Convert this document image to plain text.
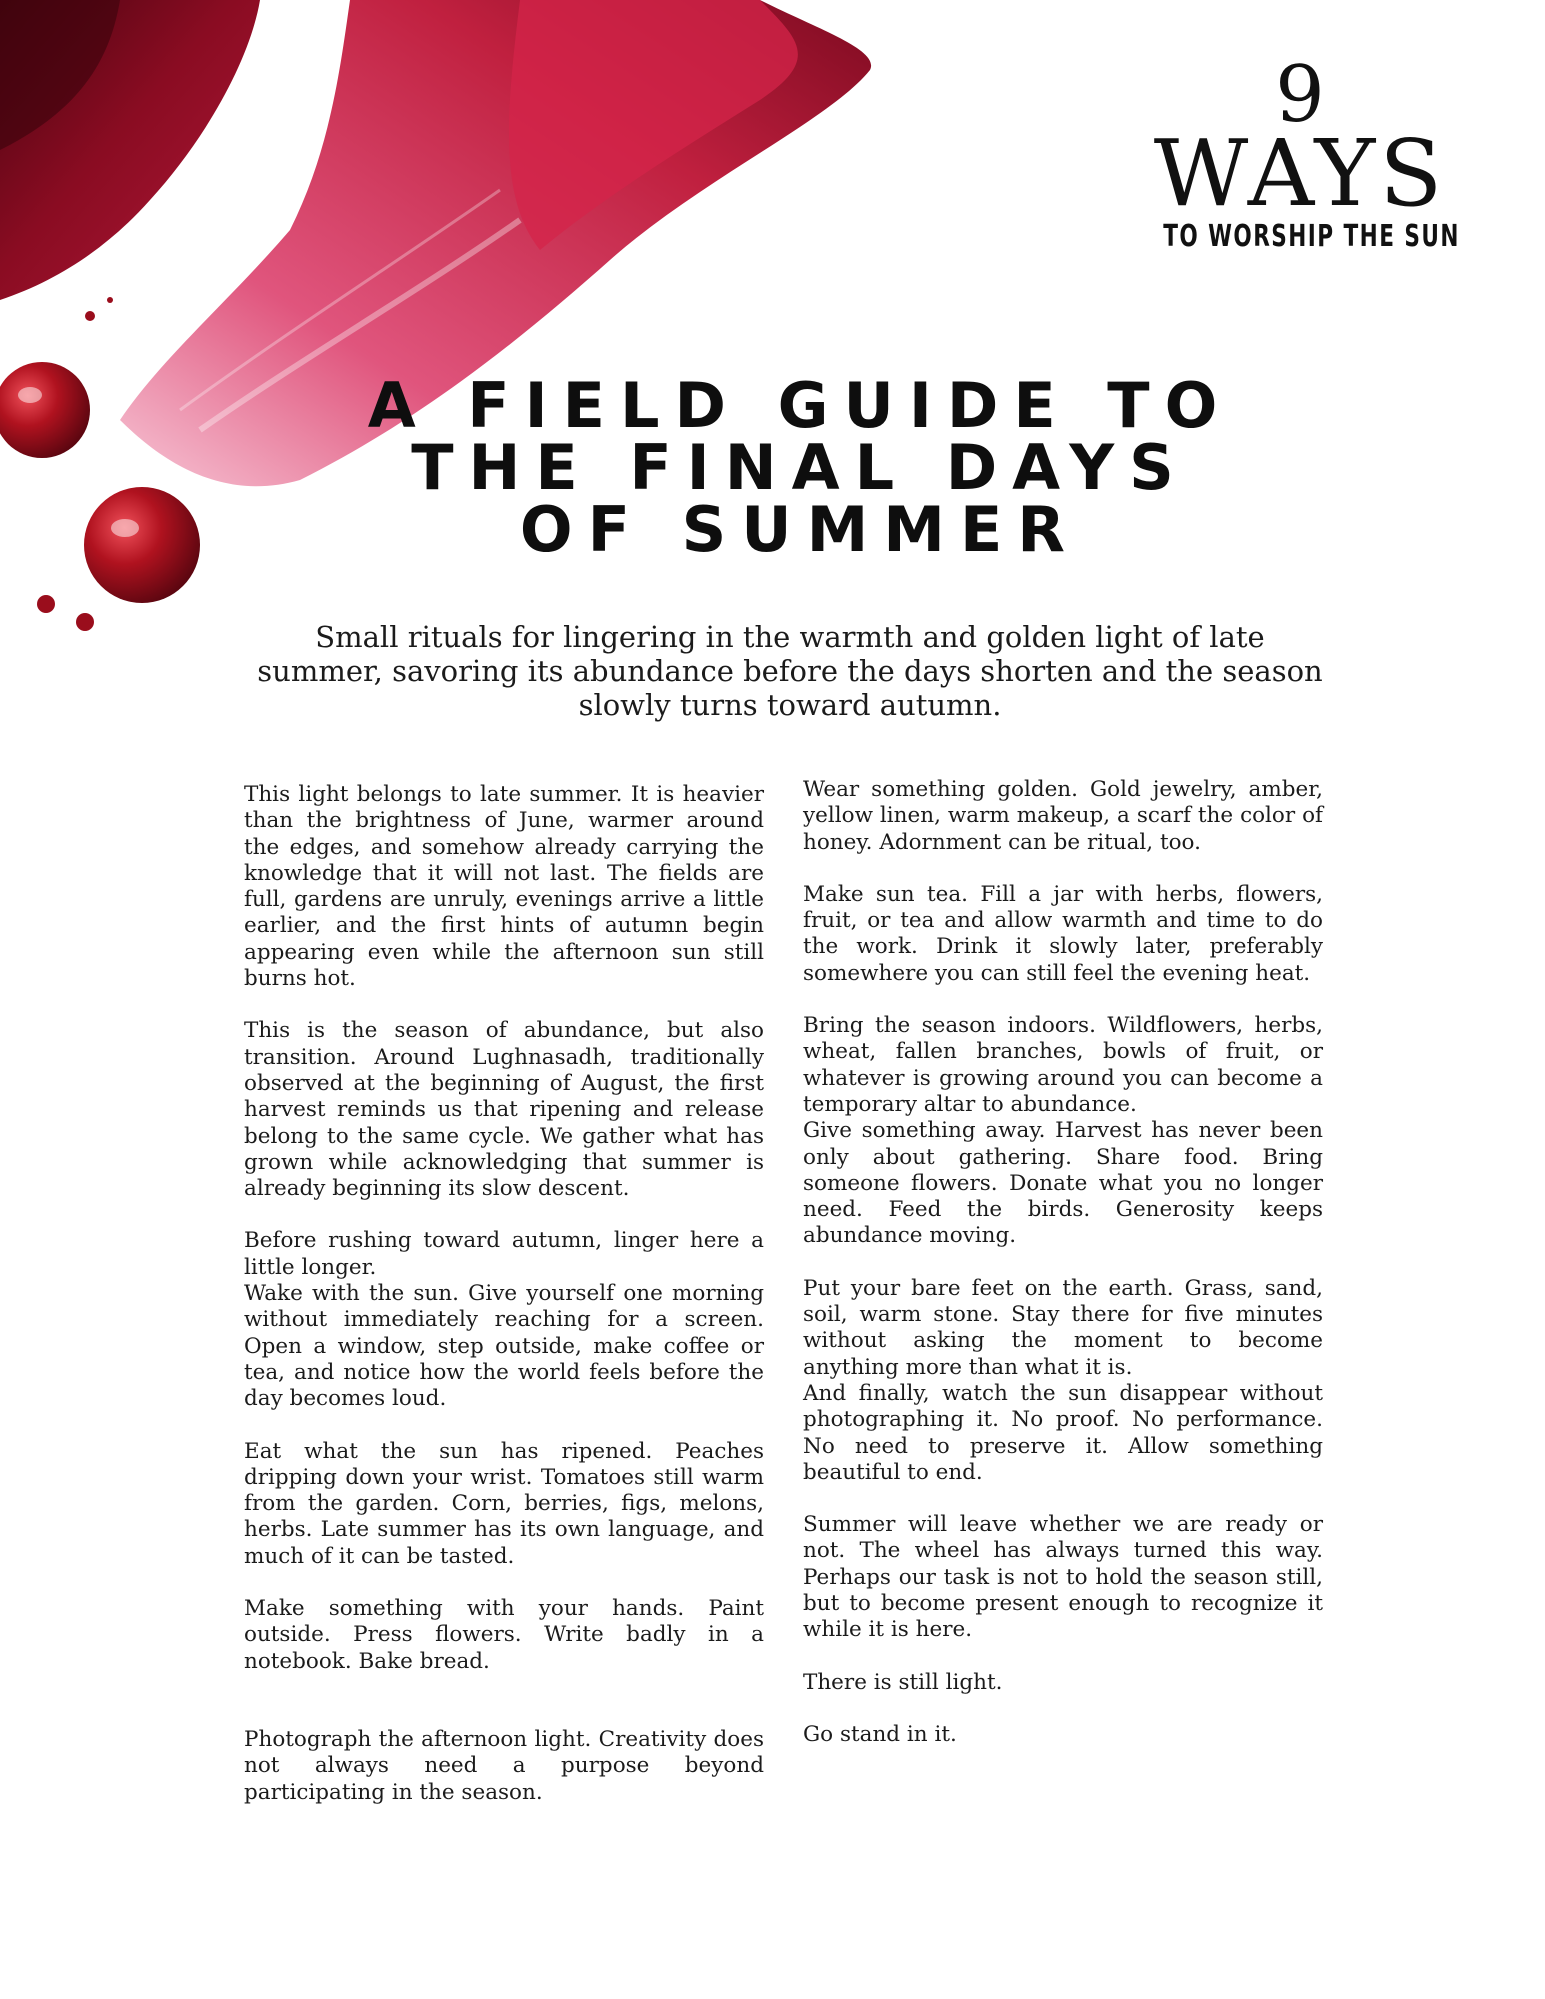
9
WAYS
TO WORSHIP THE SUN
A FIELD GUIDE TO
THE FINAL DAYS
OF SUMMER

Small rituals for lingering in the warmth and golden light of late summer, savoring its abundance before the days shorten and the season slowly turns toward autumn.

This light belongs to late summer. It is heavier than the brightness of June, warmer around the edges, and somehow already carrying the knowledge that it will not last. The fields are full, gardens are unruly, evenings arrive a little earlier, and the first hints of autumn begin appearing even while the afternoon sun still burns hot.

This is the season of abundance, but also transition. Around Lughnasadh, traditionally observed at the beginning of August, the first harvest reminds us that ripening and release belong to the same cycle. We gather what has grown while acknowledging that summer is already beginning its slow descent.

Before rushing toward autumn, linger here a little longer.

Wake with the sun. Give yourself one morning without immediately reaching for a screen. Open a window, step outside, make coffee or tea, and notice how the world feels before the day becomes loud.

Eat what the sun has ripened. Peaches dripping down your wrist. Tomatoes still warm from the garden. Corn, berries, figs, melons, herbs. Late summer has its own language, and much of it can be tasted.

Make something with your hands. Paint outside. Press flowers. Write badly in a notebook. Bake bread.

Photograph the afternoon light. Creativity does not always need a purpose beyond participating in the season.

Wear something golden. Gold jewelry, amber, yellow linen, warm makeup, a scarf the color of honey. Adornment can be ritual, too.

Make sun tea. Fill a jar with herbs, flowers, fruit, or tea and allow warmth and time to do the work. Drink it slowly later, preferably somewhere you can still feel the evening heat.

Bring the season indoors. Wildflowers, herbs, wheat, fallen branches, bowls of fruit, or whatever is growing around you can become a temporary altar to abundance.

Give something away. Harvest has never been only about gathering. Share food. Bring someone flowers. Donate what you no longer need. Feed the birds. Generosity keeps abundance moving.

Put your bare feet on the earth. Grass, sand, soil, warm stone. Stay there for five minutes without asking the moment to become anything more than what it is.

And finally, watch the sun disappear without photographing it. No proof. No performance. No need to preserve it. Allow something beautiful to end.

Summer will leave whether we are ready or not. The wheel has always turned this way. Perhaps our task is not to hold the season still, but to become present enough to recognize it while it is here.

There is still light.

Go stand in it.
